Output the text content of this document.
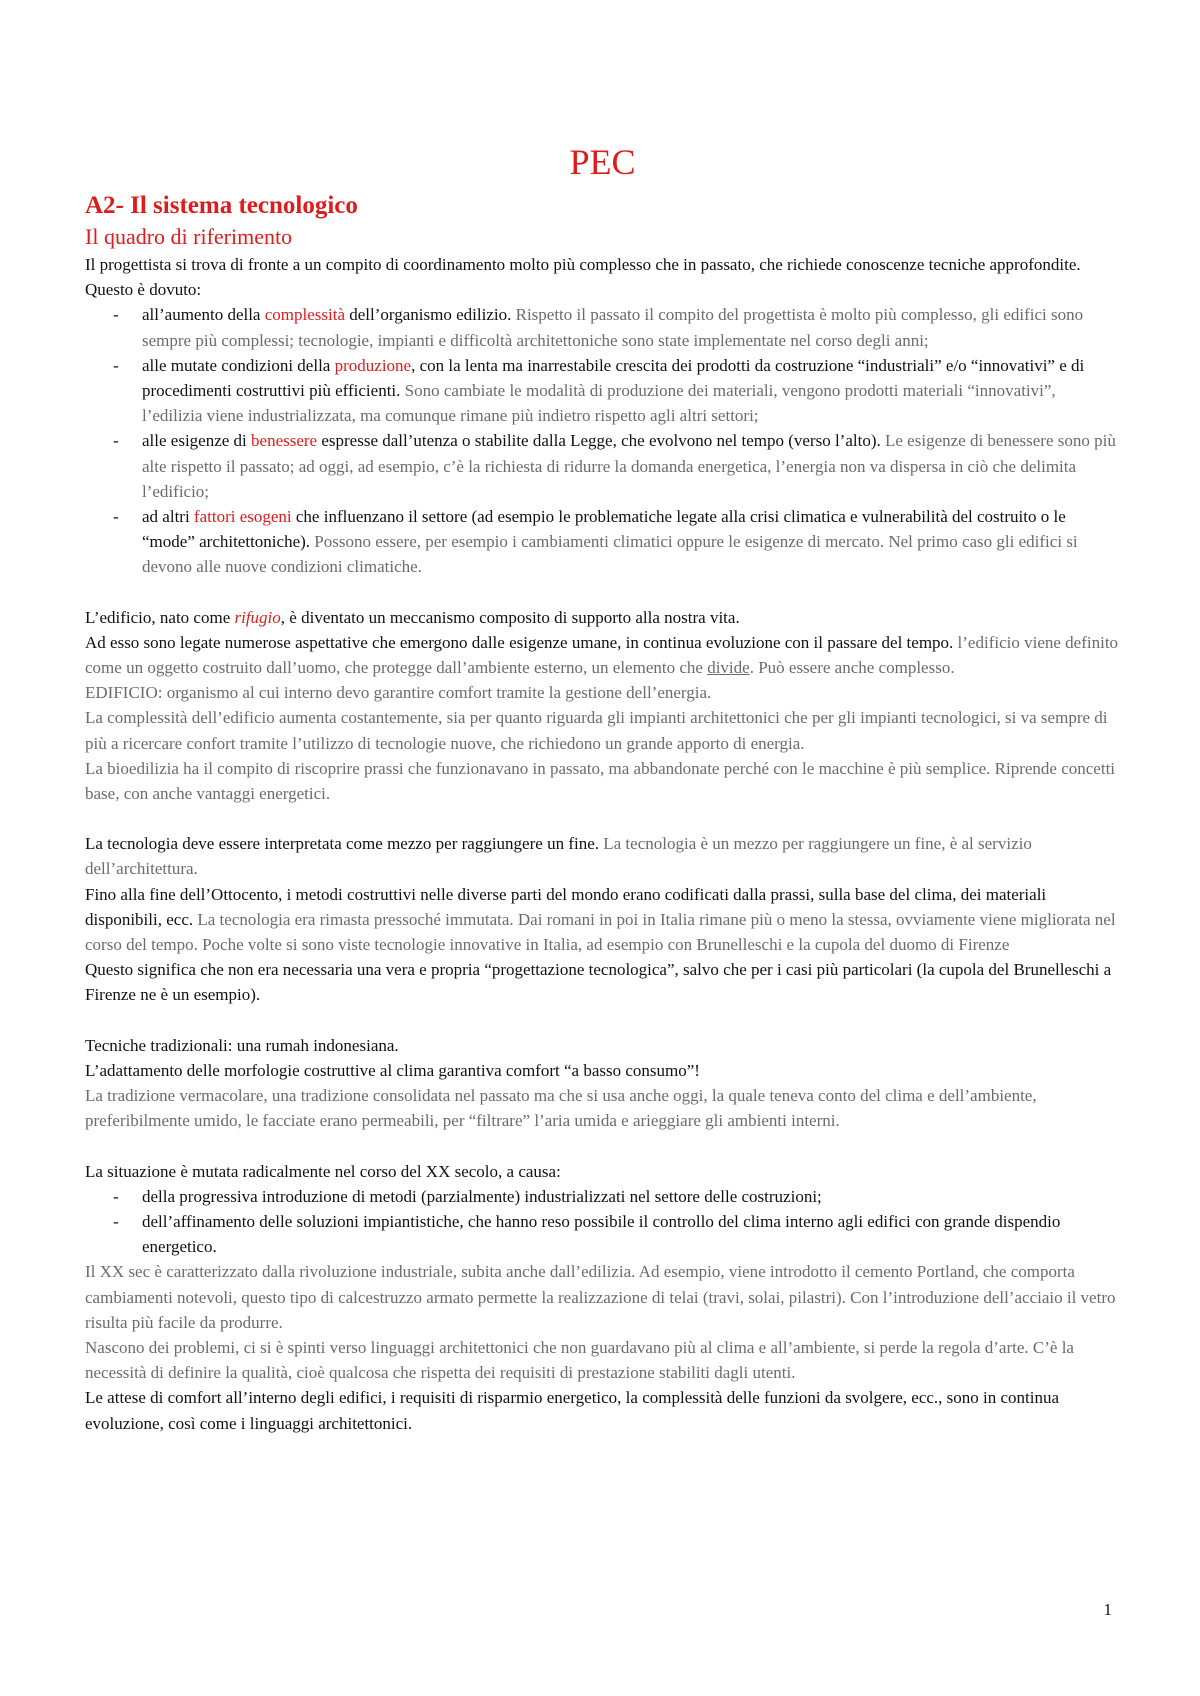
PEC
A2- Il sistema tecnologico
Il quadro di riferimento

Il progettista si trova di fronte a un compito di coordinamento molto più complesso che in passato, che richiede conoscenze tecniche approfondite.

Questo è dovuto:

- all’aumento della complessità dell’organismo edilizio. Rispetto il passato il compito del progettista è molto più complesso, gli edifici sono sempre più complessi; tecnologie, impianti e difficoltà architettoniche sono state implementate nel corso degli anni;
- alle mutate condizioni della produzione, con la lenta ma inarrestabile crescita dei prodotti da costruzione “industriali” e/o “innovativi” e di procedimenti costruttivi più efficienti. Sono cambiate le modalità di produzione dei materiali, vengono prodotti materiali “innovativi”, l’edilizia viene industrializzata, ma comunque rimane più indietro rispetto agli altri settori;
- alle esigenze di benessere espresse dall’utenza o stabilite dalla Legge, che evolvono nel tempo (verso l’alto). Le esigenze di benessere sono più alte rispetto il passato; ad oggi, ad esempio, c’è la richiesta di ridurre la domanda energetica, l’energia non va dispersa in ciò che delimita l’edificio;
- ad altri fattori esogeni che influenzano il settore (ad esempio le problematiche legate alla crisi climatica e vulnerabilità del costruito o le “mode” architettoniche). Possono essere, per esempio i cambiamenti climatici oppure le esigenze di mercato. Nel primo caso gli edifici si devono alle nuove condizioni climatiche.

L’edificio, nato come rifugio, è diventato un meccanismo composito di supporto alla nostra vita.

Ad esso sono legate numerose aspettative che emergono dalle esigenze umane, in continua evoluzione con il passare del tempo. l’edificio viene definito come un oggetto costruito dall’uomo, che protegge dall’ambiente esterno, un elemento che divide. Può essere anche complesso.

EDIFICIO: organismo al cui interno devo garantire comfort tramite la gestione dell’energia.

La complessità dell’edificio aumenta costantemente, sia per quanto riguarda gli impianti architettonici che per gli impianti tecnologici, si va sempre di più a ricercare confort tramite l’utilizzo di tecnologie nuove, che richiedono un grande apporto di energia.

La bioedilizia ha il compito di riscoprire prassi che funzionavano in passato, ma abbandonate perché con le macchine è più semplice. Riprende concetti base, con anche vantaggi energetici.

La tecnologia deve essere interpretata come mezzo per raggiungere un fine. La tecnologia è un mezzo per raggiungere un fine, è al servizio dell’architettura.

Fino alla fine dell’Ottocento, i metodi costruttivi nelle diverse parti del mondo erano codificati dalla prassi, sulla base del clima, dei materiali disponibili, ecc. La tecnologia era rimasta pressoché immutata. Dai romani in poi in Italia rimane più o meno la stessa, ovviamente viene migliorata nel corso del tempo. Poche volte si sono viste tecnologie innovative in Italia, ad esempio con Brunelleschi e la cupola del duomo di Firenze

Questo significa che non era necessaria una vera e propria “progettazione tecnologica”, salvo che per i casi più particolari (la cupola del Brunelleschi a Firenze ne è un esempio).

Tecniche tradizionali: una rumah indonesiana.

L’adattamento delle morfologie costruttive al clima garantiva comfort “a basso consumo”!

La tradizione vermacolare, una tradizione consolidata nel passato ma che si usa anche oggi, la quale teneva conto del clima e dell’ambiente, preferibilmente umido, le facciate erano permeabili, per “filtrare” l’aria umida e arieggiare gli ambienti interni.

La situazione è mutata radicalmente nel corso del XX secolo, a causa:

- della progressiva introduzione di metodi (parzialmente) industrializzati nel settore delle costruzioni;
- dell’affinamento delle soluzioni impiantistiche, che hanno reso possibile il controllo del clima interno agli edifici con grande dispendio energetico.

Il XX sec è caratterizzato dalla rivoluzione industriale, subita anche dall’edilizia. Ad esempio, viene introdotto il cemento Portland, che comporta cambiamenti notevoli, questo tipo di calcestruzzo armato permette la realizzazione di telai (travi, solai, pilastri). Con l’introduzione dell’acciaio il vetro risulta più facile da produrre.

Nascono dei problemi, ci si è spinti verso linguaggi architettonici che non guardavano più al clima e all’ambiente, si perde la regola d’arte. C’è la necessità di definire la qualità, cioè qualcosa che rispetta dei requisiti di prestazione stabiliti dagli utenti.

Le attese di comfort all’interno degli edifici, i requisiti di risparmio energetico, la complessità delle funzioni da svolgere, ecc., sono in continua evoluzione, così come i linguaggi architettonici.

1
